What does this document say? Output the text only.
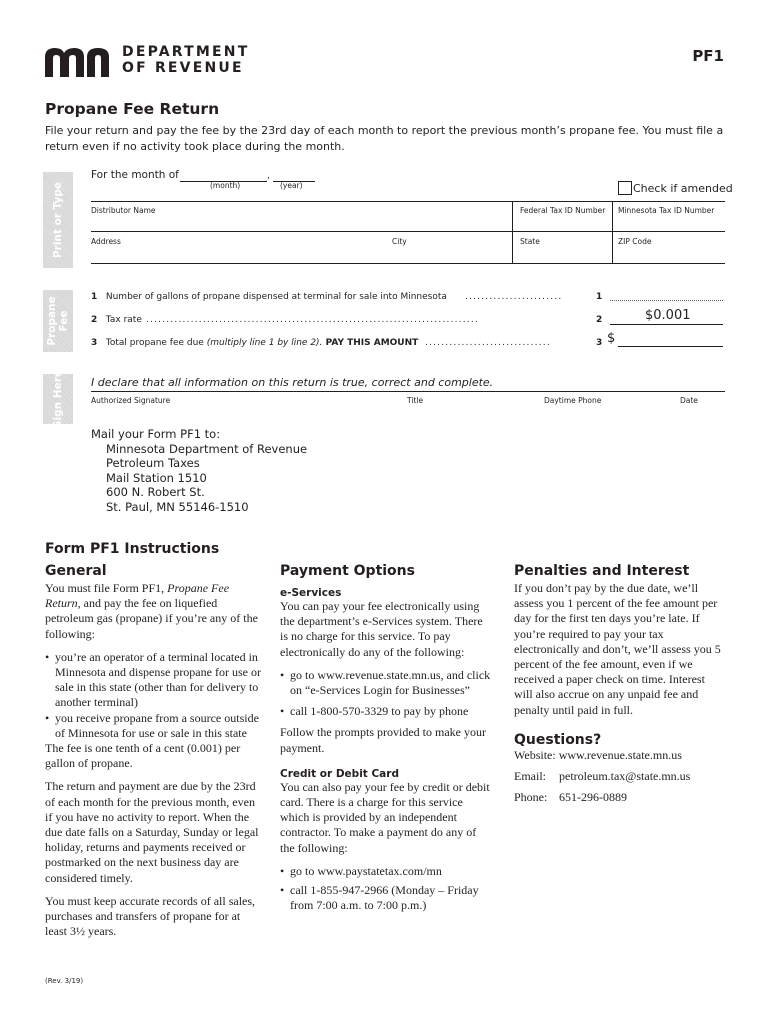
DEPARTMENT
OF REVENUE
PF1
Propane Fee Return
File your return and pay the fee by the 23rd day of each month to report the previous month’s propane fee. You must file a return even if no activity took place during the month.
Print or Type
Propane Fee
Sign Here
For the month of	,
(month)	(year)	Check if amended
Distributor Name	Federal Tax ID Number Minnesota Tax ID Number
Address	City	State	ZIP Code
1 Number of gallons of propane dispensed at terminal for sale into Minnesota ........................	1
2 Tax rate ..................................................................................	2	$0.001
3 Total propane fee due (multiply line 1 by line 2). PAY THIS AMOUNT ...............................	3 $
I declare that all information on this return is true, correct and complete.
Authorized Signature	Title	Daytime Phone	Date
Mail your Form PF1 to:
Minnesota Department of Revenue
Petroleum Taxes
Mail Station 1510
600 N. Robert St.
St. Paul, MN 55146-1510
Form PF1 Instructions
General

You must file Form PF1, Propane Fee Return, and pay the fee on liquefied petroleum gas (propane) if you’re any of the following:

• you’re an operator of a terminal located in Minnesota and dispense propane for use or sale in this state (other than for delivery to another terminal)
• you receive propane from a source outside of Minnesota for use or sale in this state

The fee is one tenth of a cent (0.001) per gallon of propane.

The return and payment are due by the 23rd of each month for the previous month, even if you have no activity to report. When the due date falls on a Saturday, Sunday or legal holiday, returns and payments received or postmarked on the next business day are considered timely.

You must keep accurate records of all sales, purchases and transfers of propane for at least 3½ years.

Payment Options
e-Services

You can pay your fee electronically using the department’s e-Services system. There is no charge for this service. To pay electronically do any of the following:

• go to www.revenue.state.mn.us, and click on “e-Services Login for Businesses”
• call 1-800-570-3329 to pay by phone

Follow the prompts provided to make your payment.

Credit or Debit Card

You can also pay your fee by credit or debit card. There is a charge for this service which is provided by an independent contractor. To make a payment do any of the following:

• go to www.paystatetax.com/mn
• call 1-855-947-2966 (Monday – Friday from 7:00 a.m. to 7:00 p.m.)
Penalties and Interest
If you don’t pay by the due date, we’ll assess you 1 percent of the fee amount per day for the first ten days you’re late. If you’re required to pay your tax electronically and don’t, we’ll assess you 5 percent of the fee amount, even if we received a paper check on time. Interest will also accrue on any unpaid fee and penalty until paid in full.
Questions?
Website: www.revenue.state.mn.us
Email: petroleum.tax@state.mn.us
Phone: 651-296-0889
(Rev. 3/19)
